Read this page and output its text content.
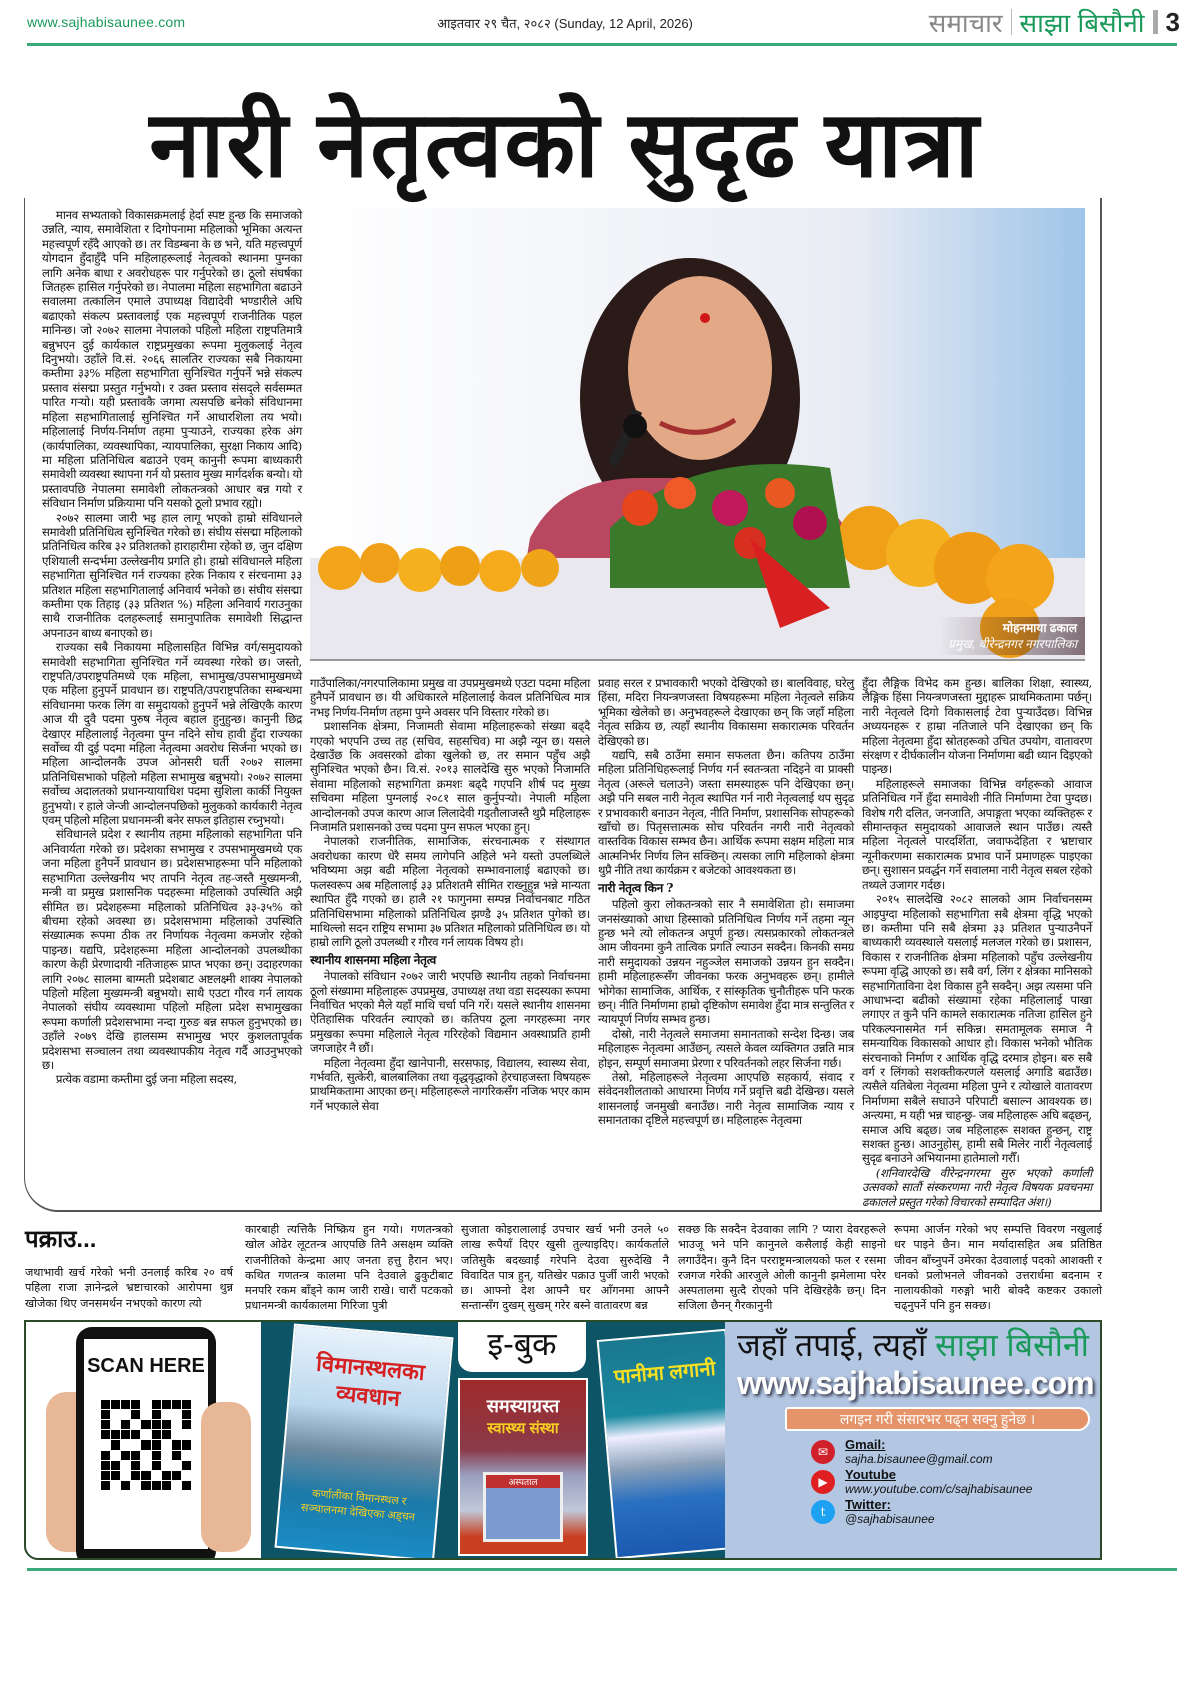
www.sajhabisaunee.com	आइतवार २९ चैत, २०८२ (Sunday, 12 April, 2026)	समाचार साझा बिसौनी 3
नारी नेतृत्वको सुदृढ यात्रा
मोहनमाया ढकाल
प्रमुख, वीरेन्द्रनगर नगरपालिका

मानव सभ्यताको विकासक्रमलाई हेर्दा स्पष्ट हुन्छ कि समाजको उन्नति, न्याय, समावेशिता र दिगोपनामा महिलाको भूमिका अत्यन्त महत्त्वपूर्ण रहँदै आएको छ। तर विडम्बना के छ भने, यति महत्त्वपूर्ण योगदान हुँदाहुँदै पनि महिलाहरूलाई नेतृत्वको स्थानमा पुग्नका लागि अनेक बाधा र अवरोधहरू पार गर्नुपरेको छ। ठूलो संघर्षका जितहरू हासिल गर्नुपरेको छ। नेपालमा महिला सहभागिता बढाउने सवालमा तत्कालिन एमाले उपाध्यक्ष विद्यादेवी भण्डारीले अघि बढाएको संकल्प प्रस्तावलाई एक महत्त्वपूर्ण राजनीतिक पहल मानिन्छ। जो २०७२ सालमा नेपालको पहिलो महिला राष्ट्रपतिमात्रै बन्नुभएन दुई कार्यकाल राष्ट्रप्रमुखका रूपमा मुलुकलाई नेतृत्व दिनुभयो। उहाँले वि.सं. २०६६ सालतिर राज्यका सबै निकायमा कम्तीमा ३३% महिला सहभागिता सुनिश्चित गर्नुपर्ने भन्ने संकल्प प्रस्ताव संसद्मा प्रस्तुत गर्नुभयो। र उक्त प्रस्ताव संसद्ले सर्वसम्मत पारित गऱ्यो। यही प्रस्तावकै जगमा त्यसपछि बनेको संविधानमा महिला सहभागितालाई सुनिश्चित गर्ने आधारशिला तय भयो। महिलालाई निर्णय-निर्माण तहमा पुऱ्याउने, राज्यका हरेक अंग (कार्यपालिका, व्यवस्थापिका, न्यायपालिका, सुरक्षा निकाय आदि) मा महिला प्रतिनिधित्व बढाउने एवम् कानुनी रूपमा बाध्यकारी समावेशी व्यवस्था स्थापना गर्न यो प्रस्ताव मुख्य मार्गदर्शक बन्यो। यो प्रस्तावपछि नेपालमा समावेशी लोकतन्त्रको आधार बन्न गयो र संविधान निर्माण प्रक्रियामा पनि यसको ठूलो प्रभाव रह्यो।

२०७२ सालमा जारी भइ हाल लागू भएको हाम्रो संविधानले समावेशी प्रतिनिधित्व सुनिश्चित गरेको छ। संघीय संसद्मा महिलाको प्रतिनिधित्व करिब ३२ प्रतिशतको हाराहारीमा रहेको छ, जुन दक्षिण एशियाली सन्दर्भमा उल्लेखनीय प्रगति हो। हाम्रो संविधानले महिला सहभागिता सुनिश्चित गर्न राज्यका हरेक निकाय र संरचनामा ३३ प्रतिशत महिला सहभागितालाई अनिवार्य भनेको छ। संघीय संसद्मा कम्तीमा एक तिहाइ (३३ प्रतिशत %) महिला अनिवार्य गराउनुका साथै राजनीतिक दलहरूलाई समानुपातिक समावेशी सिद्धान्त अपनाउन बाध्य बनाएको छ।

राज्यका सबै निकायमा महिलासहित विभिन्न वर्ग/समुदायको समावेशी सहभागिता सुनिश्चित गर्ने व्यवस्था गरेको छ। जस्तो, राष्ट्रपति/उपराष्ट्रपतिमध्ये एक महिला, सभामुख/उपसभामुखमध्ये एक महिला हुनुपर्ने प्रावधान छ। राष्ट्रपति/उपराष्ट्रपतिका सम्बन्धमा संविधानमा फरक लिंग वा समुदायको हुनुपर्ने भन्ने लेखिएकै कारण आज यी दुवै पदमा पुरुष नेतृत्व बहाल हुनुहुन्छ। कानुनी छिद्र देखाएर महिलालाई नेतृत्वमा पुग्न नदिने सोच हावी हुँदा राज्यका सर्वोच्च यी दुई पदमा महिला नेतृत्वमा अवरोध सिर्जना भएको छ। महिला आन्दोलनकै उपज ओनसरी घर्ती २०७२ सालमा प्रतिनिधिसभाको पहिलो महिला सभामुख बन्नुभयो। २०७२ सालमा सर्वोच्च अदालतको प्रधानन्यायाधिश पदमा सुशिला कार्की नियुक्त हुनुभयो। र हाले जेन्जी आन्दोलनपछिको मुलुकको कार्यकारी नेतृत्व एवम् पहिलो महिला प्रधानमन्त्री बनेर सफल इतिहास रच्नुभयो।

संविधानले प्रदेश र स्थानीय तहमा महिलाको सहभागिता पनि अनिवार्यता गरेको छ। प्रदेशका सभामुख र उपसभामुखमध्ये एक जना महिला हुनैपर्ने प्रावधान छ। प्रदेशसभाहरूमा पनि महिलाको सहभागिता उल्लेखनीय भए तापनि नेतृत्व तह-जस्तै मुख्यमन्त्री, मन्त्री वा प्रमुख प्रशासनिक पदहरूमा महिलाको उपस्थिति अझै सीमित छ। प्रदेशहरूमा महिलाको प्रतिनिधित्व ३३-३५% को बीचमा रहेको अवस्था छ। प्रदेशसभामा महिलाको उपस्थिति संख्यात्मक रूपमा ठीक तर निर्णायक नेतृत्वमा कमजोर रहेको पाइन्छ। यद्यपि, प्रदेशहरूमा महिला आन्दोलनको उपलब्धीका कारण केही प्रेरणादायी नतिजाहरू प्राप्त भएका छन्। उदाहरणका लागि २०७८ सालमा बाग्मती प्रदेशबाट अष्टलक्ष्मी शाक्य नेपालको पहिलो महिला मुख्यमन्त्री बन्नुभयो। साथै एउटा गौरव गर्न लायक नेपालको संघीय व्यवस्थामा पहिलो महिला प्रदेश सभामुखका रूपमा कर्णाली प्रदेशसभामा नन्दा गुरुङ बन्न सफल हुनुभएको छ। उहाँले २०७९ देखि हालसम्म सभामुख भएर कुशलतापूर्वक प्रदेशसभा सञ्चालन तथा व्यवस्थापकीय नेतृत्व गर्दै आउनुभएको छ।

प्रत्येक वडामा कम्तीमा दुई जना महिला सदस्य,

गाउँपालिका/नगरपालिकामा प्रमुख वा उपप्रमुखमध्ये एउटा पदमा महिला हुनैपर्ने प्रावधान छ। यी अधिकारले महिलालाई केवल प्रतिनिधित्व मात्र नभइ निर्णय-निर्माण तहमा पुग्ने अवसर पनि विस्तार गरेको छ।

प्रशासनिक क्षेत्रमा, निजामती सेवामा महिलाहरूको संख्या बढ्दै गएको भएपनि उच्च तह (सचिव, सहसचिव) मा अझै न्यून छ। यसले देखाउँछ कि अवसरको ढोका खुलेको छ, तर समान पहुँच अझै सुनिश्चित भएको छैन। वि.सं. २०१३ सालदेखि सुरु भएको निजामति सेवामा महिलाको सहभागिता क्रमशः बढ्दै गएपनि शीर्ष पद मुख्य सचिवमा महिला पुग्नलाई २०८१ साल कुर्नुपऱ्यो। नेपाली महिला आन्दोलनको उपज कारण आज लिलादेवी गड्तौलाजस्तै थुप्रै महिलाहरू निजामति प्रशासनको उच्च पदमा पुग्न सफल भएका हुन्।

नेपालको राजनीतिक, सामाजिक, संरचनात्मक र संस्थागत अवरोधका कारण धेरै समय लागेपनि अहिले भने यस्तो उपलब्धिले भविष्यमा अझ बढी महिला नेतृत्वको सम्भावनालाई बढाएको छ। फलस्वरूप अब महिलालाई ३३ प्रतिशतमै सीमित राख्नुहुन्न भन्ने मान्यता स्थापित हुँदै गएको छ। हालै २१ फागुनमा सम्पन्न निर्वाचनबाट गठित प्रतिनिधिसभामा महिलाको प्रतिनिधित्व झण्डै ३५ प्रतिशत पुगेको छ। माथिल्लो सदन राष्ट्रिय सभामा ३७ प्रतिशत महिलाको प्रतिनिधित्व छ। यो हाम्रो लागि ठूलो उपलब्धी र गौरव गर्न लायक विषय हो।

स्थानीय शासनमा महिला नेतृत्व

नेपालको संविधान २०७२ जारी भएपछि स्थानीय तहको निर्वाचनमा ठूलो संख्यामा महिलाहरू उपप्रमुख, उपाध्यक्ष तथा वडा सदस्यका रूपमा निर्वाचित भएको मैले यहाँ माथि चर्चा पनि गरें। यसले स्थानीय शासनमा ऐतिहासिक परिवर्तन ल्याएको छ। कतिपय ठूला नगरहरूमा नगर प्रमुखका रूपमा महिलाले नेतृत्व गरिरहेको विद्यमान अवस्थाप्रति हामी जगजाहेर नै छौं।

महिला नेतृत्वमा हुँदा खानेपानी, सरसफाइ, विद्यालय, स्वास्थ्य सेवा, गर्भवति, सुत्केरी, बालबालिका तथा वृद्धवृद्धाको हेरचाहजस्ता विषयहरू प्राथमिकतामा आएका छन्। महिलाहरूले नागरिकसँग नजिक भएर काम गर्ने भएकाले सेवा

प्रवाह सरल र प्रभावकारी भएको देखिएको छ। बालविवाह, घरेलु हिंसा, मदिरा नियन्त्रणजस्ता विषयहरूमा महिला नेतृत्वले सक्रिय भूमिका खेलेको छ। अनुभवहरूले देखाएका छन् कि जहाँ महिला नेतृत्व सक्रिय छ, त्यहाँ स्थानीय विकासमा सकारात्मक परिवर्तन देखिएको छ।

यद्यपि, सबै ठाउँमा समान सफलता छैन। कतिपय ठाउँमा महिला प्रतिनिधिहरूलाई निर्णय गर्न स्वतन्त्रता नदिइने वा प्राक्सी नेतृत्व (अरूले चलाउने) जस्ता समस्याहरू पनि देखिएका छन्। अझै पनि सबल नारी नेतृत्व स्थापित गर्न नारी नेतृत्वलाई थप सुदृढ र प्रभावकारी बनाउन नेतृत्व, नीति निर्माण, प्रशासनिक सोपहरूको खाँचो छ। पितृसत्तात्मक सोच परिवर्तन नगरी नारी नेतृत्वको वास्तविक विकास सम्भव छैन। आर्थिक रूपमा सक्षम महिला मात्र आत्मनिर्भर निर्णय लिन सक्छिन्। त्यसका लागि महिलाको क्षेत्रमा थुप्रै नीति तथा कार्यक्रम र बजेटको आवश्यकता छ।

नारी नेतृत्व किन ?

पहिलो कुरा लोकतन्त्रको सार नै समावेशिता हो। समाजमा जनसंख्याको आधा हिस्साको प्रतिनिधित्व निर्णय गर्ने तहमा न्यून हुन्छ भने त्यो लोकतन्त्र अपूर्ण हुन्छ। त्यसप्रकारको लोकतन्त्रले आम जीवनमा कुनै तात्विक प्रगति ल्याउन सक्दैन। किनकी समग्र नारी समुदायको उन्नयन नहुञ्जेल समाजको उन्नयन हुन सक्दैन। हामी महिलाहरूसँग जीवनका फरक अनुभवहरू छन्। हामीले भोगेका सामाजिक, आर्थिक, र सांस्कृतिक चुनौतीहरू पनि फरक छन्। नीति निर्माणमा हाम्रो दृष्टिकोण समावेश हुँदा मात्र सन्तुलित र न्यायपूर्ण निर्णय सम्भव हुन्छ।

दोस्रो, नारी नेतृत्वले समाजमा समानताको सन्देश दिन्छ। जब महिलाहरू नेतृत्वमा आउँछन्, त्यसले केवल व्यक्तिगत उन्नति मात्र होइन, सम्पूर्ण समाजमा प्रेरणा र परिवर्तनको लहर सिर्जना गर्छ।

तेस्रो, महिलाहरूले नेतृत्वमा आएपछि सहकार्य, संवाद र संवेदनशीलताको आधारमा निर्णय गर्ने प्रवृत्ति बढी देखिन्छ। यसले शासनलाई जनमुखी बनाउँछ। नारी नेतृत्व सामाजिक न्याय र समानताका दृष्टिले महत्त्वपूर्ण छ। महिलाहरू नेतृत्वमा

हुँदा लैङ्गिक विभेद कम हुन्छ। बालिका शिक्षा, स्वास्थ्य, लैङ्गिक हिंसा नियन्त्रणजस्ता मुद्दाहरू प्राथमिकतामा पर्छन्। नारी नेतृत्वले दिगो विकासलाई टेवा पुऱ्याउँदछ। विभिन्न अध्ययनहरू र हाम्रा नतिजाले पनि देखाएका छन् कि महिला नेतृत्वमा हुँदा स्रोतहरूको उचित उपयोग, वातावरण संरक्षण र दीर्घकालीन योजना निर्माणमा बढी ध्यान दिइएको पाइन्छ।

महिलाहरूले समाजका विभिन्न वर्गहरूको आवाज प्रतिनिधित्व गर्ने हुँदा समावेशी नीति निर्माणमा टेवा पुग्दछ। विशेष गरी दलित, जनजाति, अपाङ्गता भएका व्यक्तिहरू र सीमान्तकृत समुदायको आवाजले स्थान पाउँछ। त्यस्तै महिला नेतृत्वले पारदर्शिता, जवाफदेहिता र भ्रष्टाचार न्यूनीकरणमा सकारात्मक प्रभाव पार्ने प्रमाणहरू पाइएका छन्। सुशासन प्रवर्द्धन गर्ने सवालमा नारी नेतृत्व सबल रहेको तथ्यले उजागर गर्दछ।

२०१५ सालदेखि २०८२ सालको आम निर्वाचनसम्म आइपुग्दा महिलाको सहभागिता सबै क्षेत्रमा वृद्धि भएको छ। कम्तीमा पनि सबै क्षेत्रमा ३३ प्रतिशत पुऱ्याउनैपर्ने बाध्यकारी व्यवस्थाले यसलाई मलजल गरेको छ। प्रशासन, विकास र राजनीतिक क्षेत्रमा महिलाको पहुँच उल्लेखनीय रूपमा वृद्धि आएको छ। सबै वर्ग, लिंग र क्षेत्रका मानिसको सहभागिताविना देश विकास हुनै सक्दैन्। अझ त्यसमा पनि आधाभन्दा बढीको संख्यामा रहेका महिलालाई पाखा लगाएर त कुनै पनि कामले सकारात्मक नतिजा हासिल हुने परिकल्पनासमेत गर्न सकिन्न। समतामूलक समाज नै समन्यायिक विकासको आधार हो। विकास भनेको भौतिक संरचनाको निर्माण र आर्थिक वृद्धि दरमात्र होइन। बरु सबै वर्ग र लिंगको सशक्तीकरणले यसलाई अगाडि बढाउँछ। त्यसैले यतिबेला नेतृत्वमा महिला पुग्ने र त्योखाले वातावरण निर्माणमा सबैले सघाउने परिपाटी बसाल्न आवश्यक छ। अन्त्यमा, म यही भन्न चाहन्छु- जब महिलाहरू अघि बढ्छन्, समाज अघि बढ्छ। जब महिलाहरू सशक्त हुन्छन्, राष्ट्र सशक्त हुन्छ। आउनुहोस्, हामी सबै मिलेर नारी नेतृत्वलाई सुदृढ बनाउने अभियानमा हातेमालो गरौँ।

(शनिवारदेखि वीरेन्द्रनगरमा सुरु भएको कर्णाली उत्सवको सातौं संस्करणमा नारी नेतृत्व विषयक प्रवचनमा ढकालले प्रस्तुत गरेको विचारको सम्पादित अंश।)

पक्राउ...
जथाभावी खर्च गरेको भनी उनलाई करिब २० वर्ष पहिला राजा ज्ञानेन्द्रले भ्रष्टाचारको आरोपमा थुन्न खोजेका थिए जनसमर्थन नभएको कारण त्यो
कारबाही त्यत्तिकै निष्क्रिय हुन गयो। गणतन्त्रको खोल ओढेर लूटतन्त्र आएपछि तिनै असक्षम व्यक्ति राजनीतिको केन्द्रमा आए जनता हत्तु हैरान भए। कथित गणतन्त्र कालमा पनि देउवाले ढुकुटीबाट मनपरि रकम बाँड्ने काम जारी राखे। चारौं पटकको प्रधानमन्त्री कार्यकालमा गिरिजा पुत्री
सुजाता कोइरालालाई उपचार खर्च भनी उनले ५० लाख रूपैयाँ दिएर खुसी तुल्याइदिए। कार्यकर्ताले जतिसुकै बदख्वाईं गरेपनि देउवा सुरुदेखि नै विवादित पात्र हुन्, यतिखेर पक्राउ पुर्जी जारी भएको छ। आफ्नो देश आफ्नै घर आँगनमा आफ्नै सन्तान्सँग दुखम् सुखम् गरेर बस्ने वातावरण बन्न
सक्छ कि सक्दैन देउवाका लागि ? प्यारा देवरहरूले भाउजू भने पनि कानुनले कसैलाई केही साइनो लगाउँदैन। कुनै दिन परराष्ट्रमन्त्रालयको फल र रसमा रजगज गरेकी आरजुले ओली कानुनी झमेलामा परेर अस्पतालमा सुत्दै रोएको पनि देखिरहेकै छन्। दिन सजिला छैनन् गैरकानुनी
रूपमा आर्जन गरेको भए सम्पत्ति विवरण नखुलाई धर पाइने छैन। मान मर्यादासहित अब प्रतिष्ठित जीवन बाँच्नुपर्ने उमेरका देउवालाई पदको आशक्ती र धनको प्रलोभनले जीवनको उत्तरार्धमा बदनाम र नालायकीको गरुङ्गो भारी बोक्दै कष्टकर उकालो चढ्नुपर्ने पनि हुन सक्छ।
SCAN HERE	विमानस्थलका व्यवधान
कर्णालीका विमानस्थल र सञ्चालनमा देखिएका अड्चन
इ-बुक
समस्याग्रस्त
स्वास्थ्य संस्था
अस्पताल
पानीमा लगानी
जहाँ तपाई, त्यहाँ साझा बिसौनी
www.sajhabisaunee.com
लगइन गरी संसारभर पढ्न सक्नु हुनेछ ।
✉	Gmail:
sajha.bisaunee@gmail.com
▶	Youtube
www.youtube.com/c/sajhabisaunee
t	Twitter:
@sajhabisaunee
